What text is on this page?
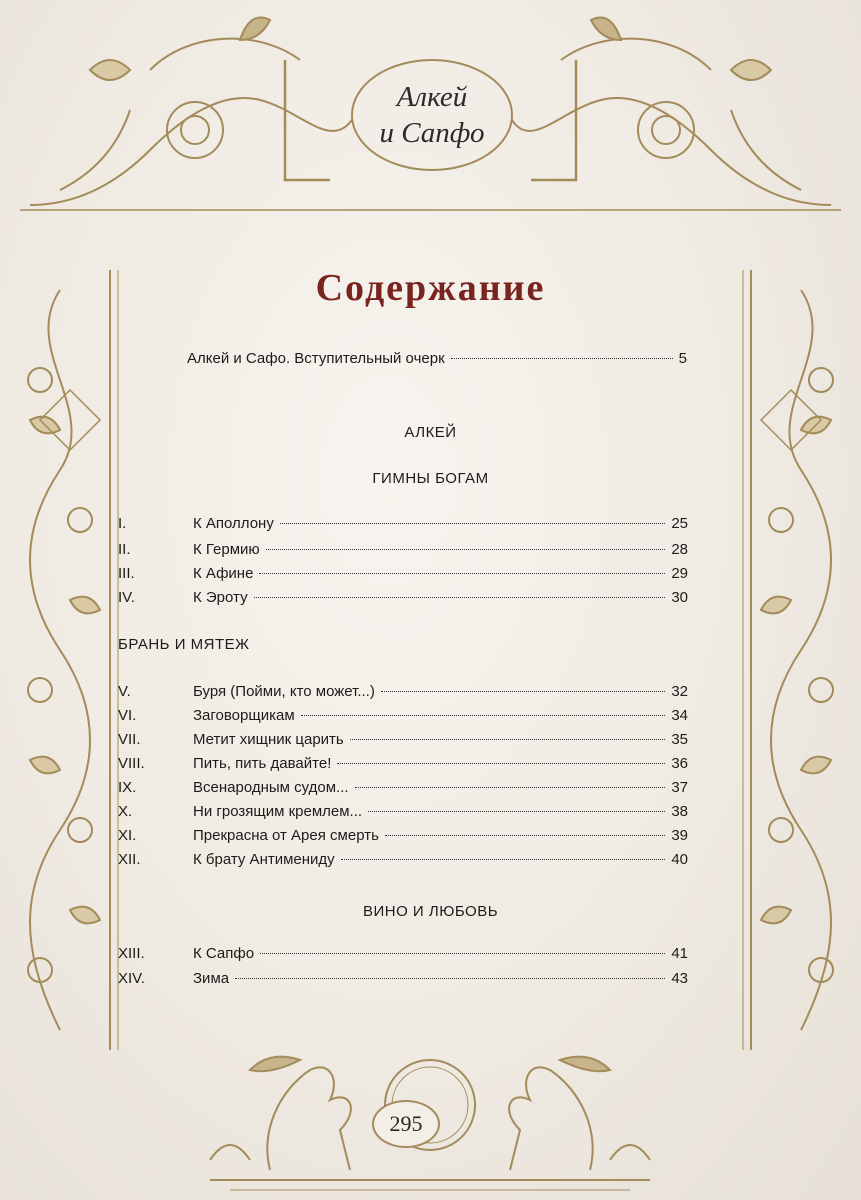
Алкей
и Сапфо
Содержание
Алкей и Сафо. Вступительный очерк	5
АЛКЕЙ
ГИМНЫ БОГАМ
I.	К Аполлону	25
II.	К Гермию	28
III.	К Афине	29
IV.	К Эроту	30
БРАНЬ И МЯТЕЖ
V.	Буря (Пойми, кто может...)	32
VI.	Заговорщикам	34
VII.	Метит хищник царить	35
VIII.	Пить, пить давайте!	36
IX.	Всенародным судом...	37
X.	Ни грозящим кремлем...	38
XI.	Прекрасна от Арея смерть	39
XII.	К брату Антимениду	40
ВИНО И ЛЮБОВЬ
XIII.	К Сапфо	41
XIV.	Зима	43
295
